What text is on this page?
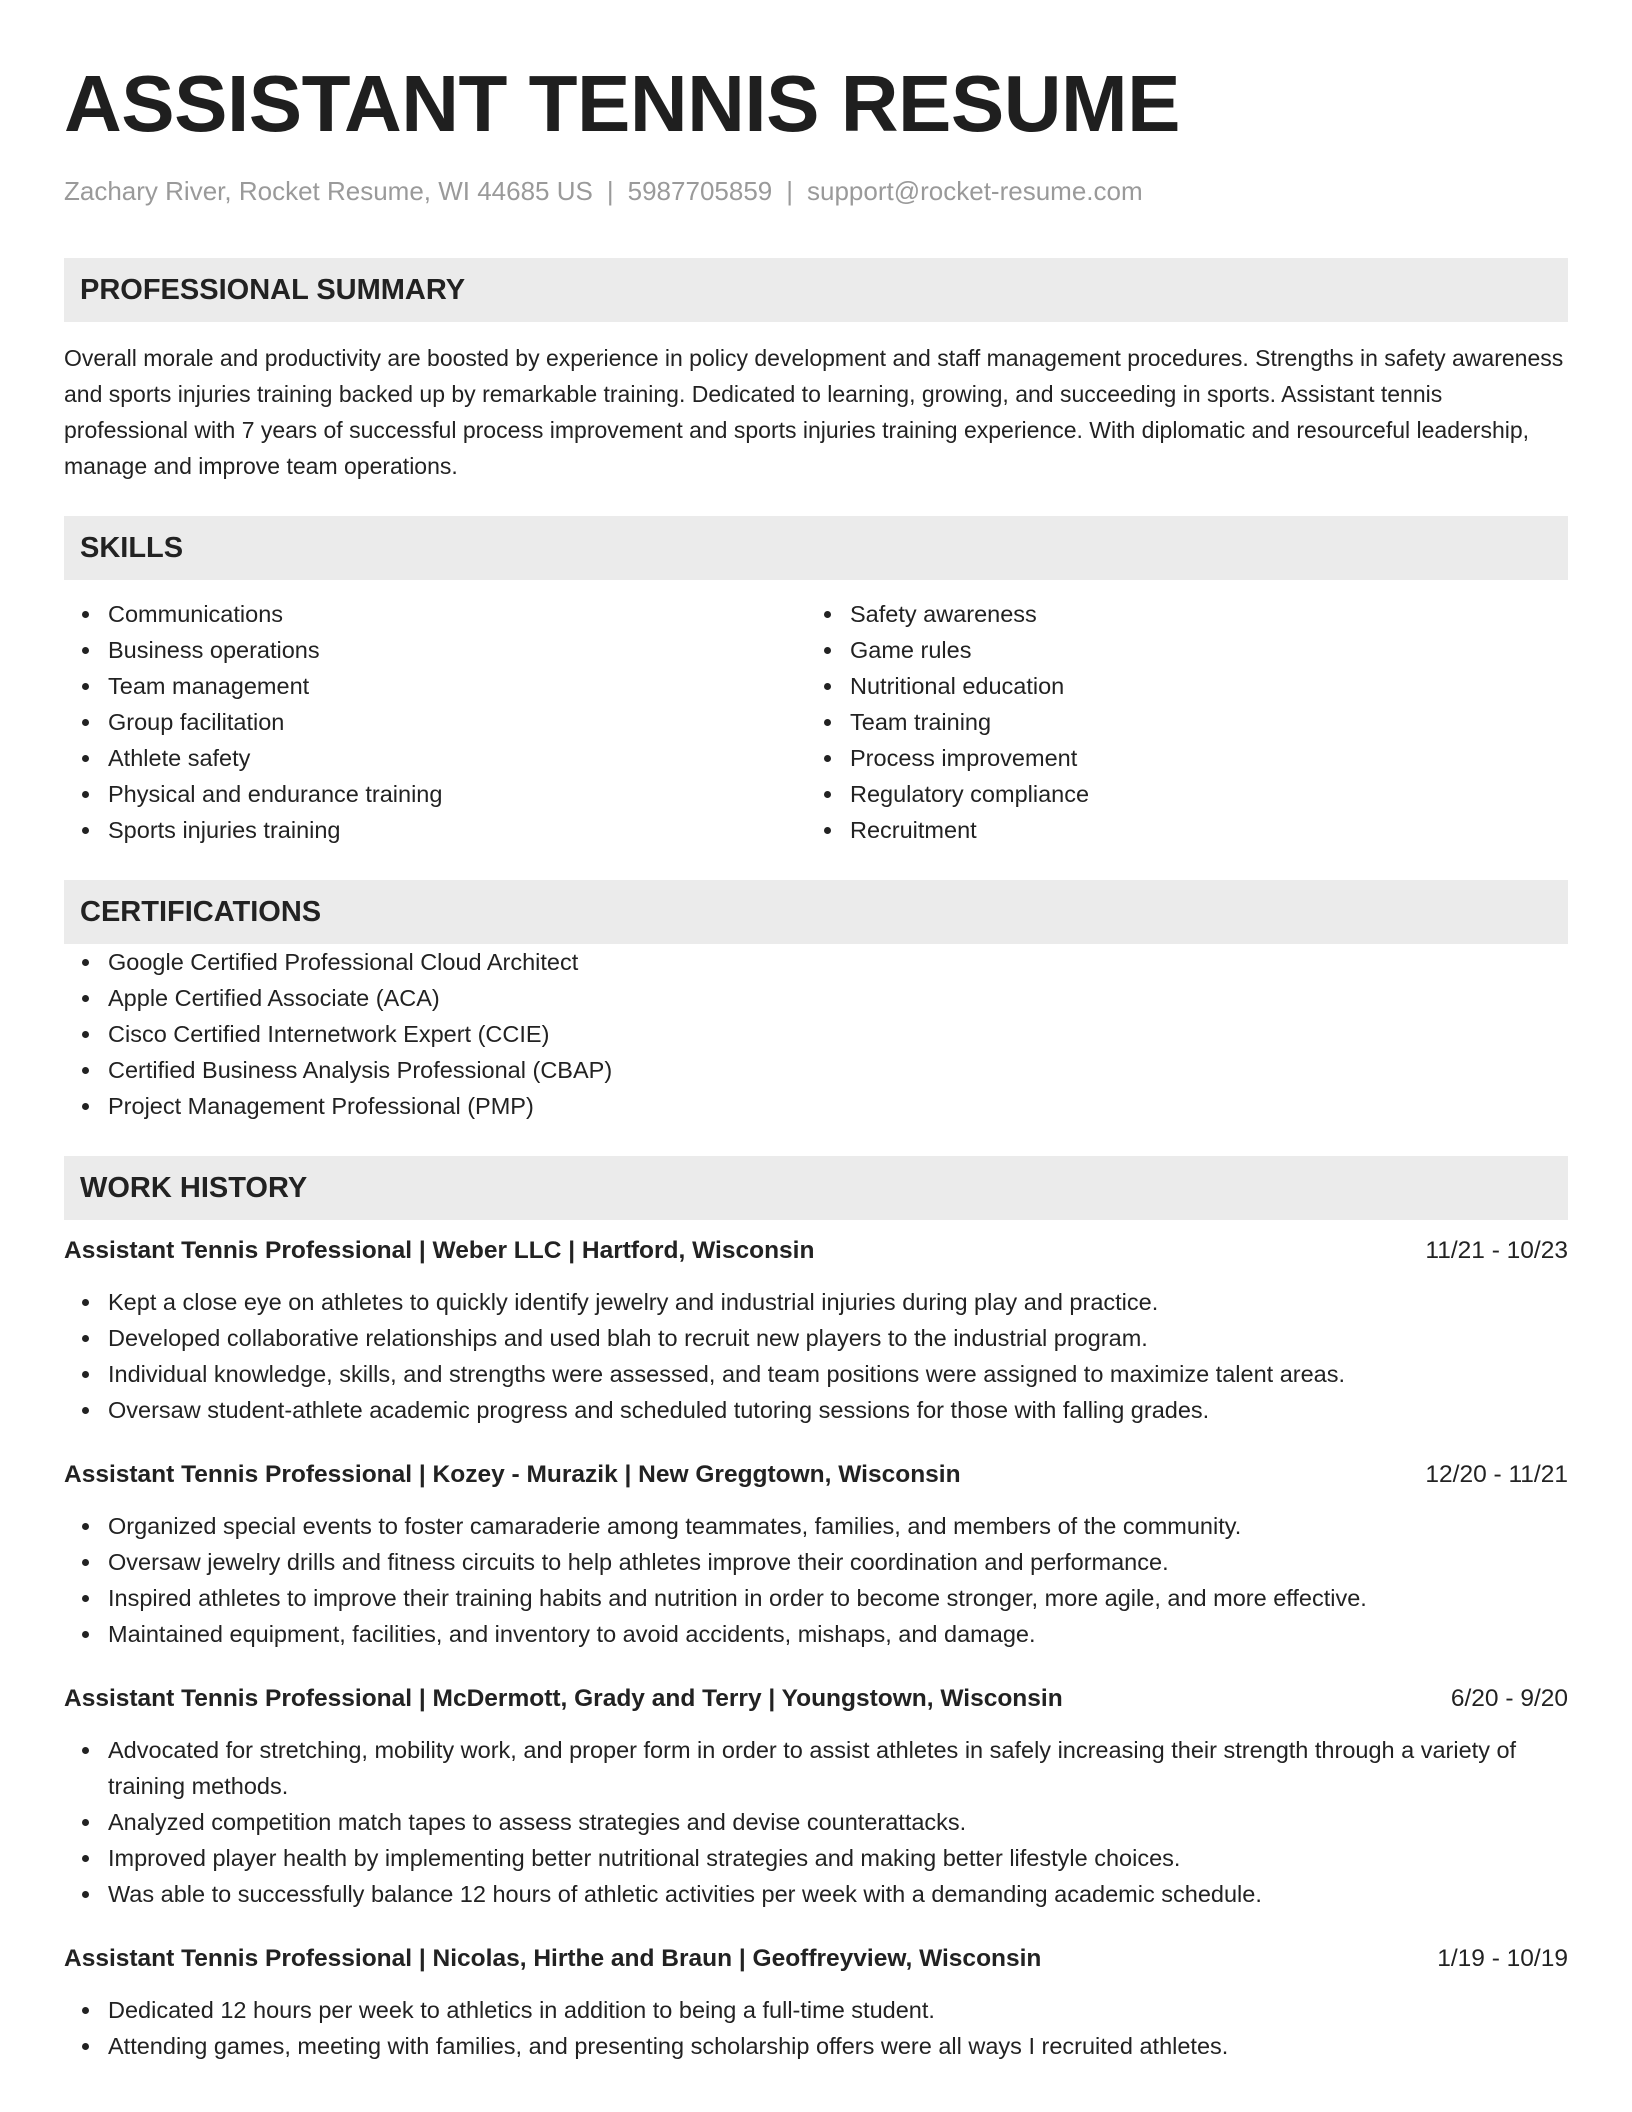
ASSISTANT TENNIS RESUME
Zachary River, Rocket Resume, WI 44685 US | 5987705859 | support@rocket-resume.com
PROFESSIONAL SUMMARY

Overall morale and productivity are boosted by experience in policy development and staff management procedures. Strengths in safety awareness and sports injuries training backed up by remarkable training. Dedicated to learning, growing, and succeeding in sports. Assistant tennis professional with 7 years of successful process improvement and sports injuries training experience. With diplomatic and resourceful leadership, manage and improve team operations.

SKILLS
Communications
Business operations
Team management
Group facilitation
Athlete safety
Physical and endurance training
Sports injuries training
Safety awareness
Game rules
Nutritional education
Team training
Process improvement
Regulatory compliance
Recruitment
CERTIFICATIONS
Google Certified Professional Cloud Architect
Apple Certified Associate (ACA)
Cisco Certified Internetwork Expert (CCIE)
Certified Business Analysis Professional (CBAP)
Project Management Professional (PMP)
WORK HISTORY
Assistant Tennis Professional | Weber LLC | Hartford, Wisconsin	11/21 - 10/23
Kept a close eye on athletes to quickly identify jewelry and industrial injuries during play and practice.
Developed collaborative relationships and used blah to recruit new players to the industrial program.
Individual knowledge, skills, and strengths were assessed, and team positions were assigned to maximize talent areas.
Oversaw student-athlete academic progress and scheduled tutoring sessions for those with falling grades.
Assistant Tennis Professional | Kozey - Murazik | New Greggtown, Wisconsin	12/20 - 11/21
Organized special events to foster camaraderie among teammates, families, and members of the community.
Oversaw jewelry drills and fitness circuits to help athletes improve their coordination and performance.
Inspired athletes to improve their training habits and nutrition in order to become stronger, more agile, and more effective.
Maintained equipment, facilities, and inventory to avoid accidents, mishaps, and damage.
Assistant Tennis Professional | McDermott, Grady and Terry | Youngstown, Wisconsin	6/20 - 9/20
Advocated for stretching, mobility work, and proper form in order to assist athletes in safely increasing their strength through a variety of training methods.
Analyzed competition match tapes to assess strategies and devise counterattacks.
Improved player health by implementing better nutritional strategies and making better lifestyle choices.
Was able to successfully balance 12 hours of athletic activities per week with a demanding academic schedule.
Assistant Tennis Professional | Nicolas, Hirthe and Braun | Geoffreyview, Wisconsin	1/19 - 10/19
Dedicated 12 hours per week to athletics in addition to being a full-time student.
Attending games, meeting with families, and presenting scholarship offers were all ways I recruited athletes.
